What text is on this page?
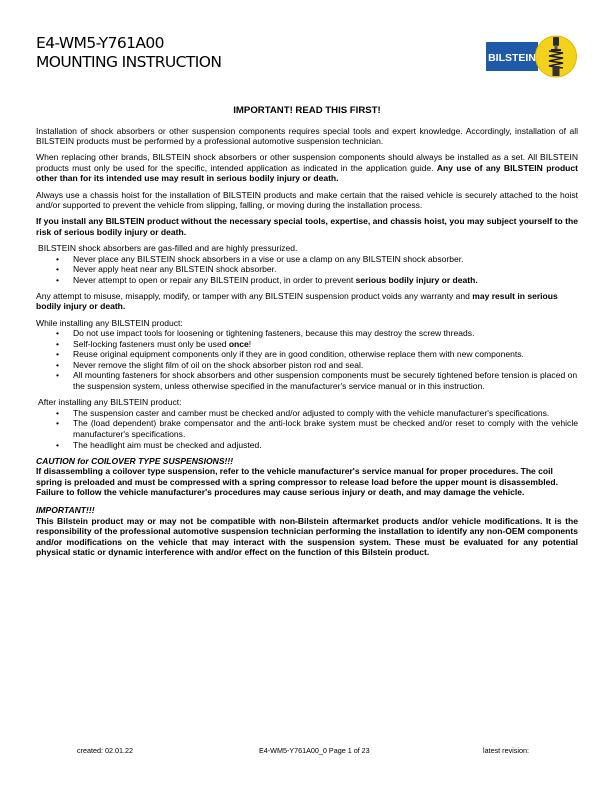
E4-WM5-Y761A00
MOUNTING INSTRUCTION	BILSTEIN

IMPORTANT! READ THIS FIRST!

Installation of shock absorbers or other suspension components requires special tools and expert knowledge. Accordingly, installation of all BILSTEIN products must be performed by a professional automotive suspension technician.

When replacing other brands, BILSTEIN shock absorbers or other suspension components should always be installed as a set. All BILSTEIN products must only be used for the specific, intended application as indicated in the application guide. Any use of any BILSTEIN product other than for its intended use may result in serious bodily injury or death.

Always use a chassis hoist for the installation of BILSTEIN products and make certain that the raised vehicle is securely attached to the hoist and/or supported to prevent the vehicle from slipping, falling, or moving during the installation process.

If you install any BILSTEIN product without the necessary special tools, expertise, and chassis hoist, you may subject yourself to the risk of serious bodily injury or death.

BILSTEIN shock absorbers are gas-filled and are highly pressurized.

• Never place any BILSTEIN shock absorbers in a vise or use a clamp on any BILSTEIN shock absorber.
• Never apply heat near any BILSTEIN shock absorber.
• Never attempt to open or repair any BILSTEIN product, in order to prevent serious bodily injury or death.

Any attempt to misuse, misapply, modify, or tamper with any BILSTEIN suspension product voids any warranty and may result in serious bodily injury or death.

While installing any BILSTEIN product:

• Do not use impact tools for loosening or tightening fasteners, because this may destroy the screw threads.
• Self-locking fasteners must only be used once!
• Reuse original equipment components only if they are in good condition, otherwise replace them with new components.
• Never remove the slight film of oil on the shock absorber piston rod and seal.
• All mounting fasteners for shock absorbers and other suspension components must be securely tightened before tension is placed on the suspension system, unless otherwise specified in the manufacturer's service manual or in this instruction.

After installing any BILSTEIN product:

• The suspension caster and camber must be checked and/or adjusted to comply with the vehicle manufacturer's specifications.
• The (load dependent) brake compensator and the anti-lock brake system must be checked and/or reset to comply with the vehicle manufacturer's specifications.
• The headlight aim must be checked and adjusted.

CAUTION for COILOVER TYPE SUSPENSIONS!!!

If disassembling a coilover type suspension, refer to the vehicle manufacturer's service manual for proper procedures. The coil spring is preloaded and must be compressed with a spring compressor to release load before the upper mount is disassembled. Failure to follow the vehicle manufacturer's procedures may cause serious injury or death, and may damage the vehicle.

IMPORTANT!!!

This Bilstein product may or may not be compatible with non-Bilstein aftermarket products and/or vehicle modifications. It is the responsibility of the professional automotive suspension technician performing the installation to identify any non-OEM components and/or modifications on the vehicle that may interact with the suspension system. These must be evaluated for any potential physical static or dynamic interference with and/or effect on the function of this Bilstein product.

created: 02.01.22	E4-WM5-Y761A00_0 Page 1 of 23	latest revision:
